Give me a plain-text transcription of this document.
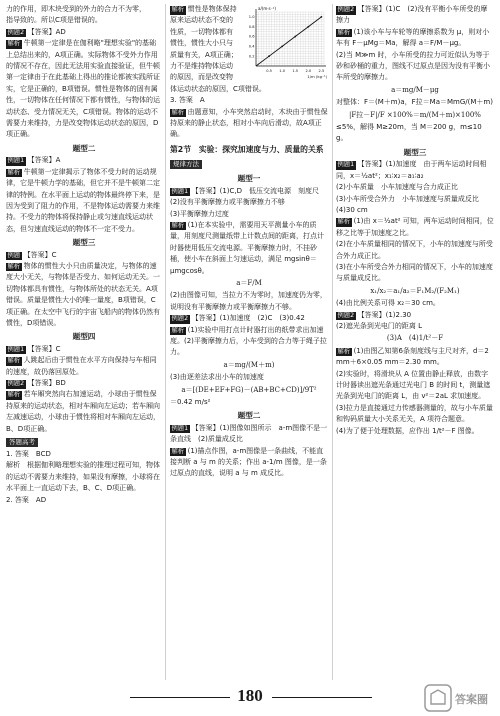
力的作用，即木块受到的外力的合力不为零，

指导致的。所以C项是错误的。

例题2 【答案】AD

解析 牛顿第一定律是在伽利略"理想实验"的基础上总结出来的，A项正确。实际物体不受外力作用的情况不存在，因此无法用实验直接验证，但牛顿第一定律由于在此基础上得出的推论都被实践所证实，它是正确的，B项错误。惯性是物体的固有属性，一切物体在任何情况下都有惯性，与物体的运动状态、受力情况无关，C项错误。物体的运动不需要力来维持，力是改变物体运动状态的原因，D项正确。

题型二

例题1 【答案】A

解析 牛顿第一定律揭示了物体不受力时的运动规律，它是牛顿力学的基础，但它并不是牛顿第二定律的特例。在水平面上运动的物体最终停下来，是因为受到了阻力的作用，不是物体运动需要力来维持。不受力的物体将保持静止或匀速直线运动状态，但匀速直线运动的物体不一定不受力。

题型三

例题 【答案】C

解析 物体的惯性大小只由质量决定，与物体的速度大小无关，与物体是否受力、如何运动无关。一切物体都具有惯性，与物体所处的状态无关。A项错误。质量是惯性大小的唯一量度，B项错误，C项正确。在太空中飞行的宇宙飞船内的物体仍然有惯性，D项错误。

题型四

例题1 【答案】C

解析 人跳起后由于惯性在水平方向保持与车相同的速度，故仍落回原处。

例题2 【答案】BD

解析 若车厢突然向右加速运动，小球由于惯性保持原来的运动状态，相对车厢向左运动；若车厢向左减速运动，小球由于惯性将相对车厢向左运动，B、D项正确。

答题高考

1. 答案　BCD

解析　根据伽利略理想实验的推理过程可知，物体的运动不需要力来维持，如果没有摩擦，小球将在水平面上一直运动下去，B、C、D项正确。

2. 答案　AD

0.5 1.0 1.5 2.0 2.5
0.2
0.4
0.6
0.8
1.0
a/(m·s⁻²)
1/m (kg⁻¹)

解析 惯性是物体保持原来运动状态不变的性质，一切物体都有惯性，惯性大小只与质量有关，A项正确；力不是维持物体运动的原因，而是改变物体运动状态的原因，C项错误。

3. 答案　A

解析 由题意知，小车突然启动时，木块由于惯性保持原来的静止状态，相对小车向后滑动，故A项正确。

第2节　实验：探究加速度与力、质量的关系
规律方法
题型一

例题1 【答案】(1)C,D　低压交流电源　刻度尺

(2)没有平衡摩擦力或平衡摩擦力不够

(3)平衡摩擦力过度

解析 (1)在本实验中，需要用天平测量小车的质量，用刻度尺测量纸带上计数点间的距离，打点计时器使用低压交流电源。平衡摩擦力时，不挂砂桶，使小车在斜面上匀速运动，满足 mgsinθ＝μmgcosθ。

a＝F/M

(2)由图像可知，当拉力不为零时，加速度仍为零，说明没有平衡摩擦力或平衡摩擦力不够。

例题2 【答案】(1)加速度　(2)C　(3)0.42

解析 (1)实验中用打点计时器打出的纸带求出加速度。(2)平衡摩擦力后，小车受到的合力等于绳子拉力。

a＝mg/(M＋m)

(3)由逐差法求出小车的加速度

a＝[(DE+EF+FG)－(AB+BC+CD)]/9T²

＝0.42 m/s²

题型二

例题1 【答案】(1)图像如图所示　a-m图像不是一条直线　(2)质量成反比

解析 (1)描点作图，a-m图像是一条曲线，不能直接判断 a 与 m 的关系；作出 a-1/m 图像，是一条过原点的直线，说明 a 与 m 成反比。

例题2 【答案】(1)C　(2)没有平衡小车所受的摩擦力

解析 (1)该小车与车轮等的摩擦系数为 μ，则对小车有 F－μMg＝Ma，解得 a＝F/M－μg。

(2)当 M≫m 时，小车所受的拉力可近似认为等于砂和砂桶的重力，图线不过原点是因为没有平衡小车所受的摩擦力。

a＝mg/M－μg

对整体：F＝(M＋m)a，F拉＝Ma＝MmG/(M＋m)

|F拉－F|/F ×100%＝m/(M＋m)×100%

≤5%，解得 M≥20m，当 M＝200 g，m≤10 g。

题型三

例题1 【答案】(1)加速度　由于两车运动时间相同，x＝½at²；x₁∶x₂＝a₁∶a₂

(2)小车质量　小车加速度与合力成正比

(3)小车所受合外力　小车加速度与质量成反比

(4)30 cm

解析 (1)由 x＝½at² 可知，两车运动时间相同，位移之比等于加速度之比。

(2)在小车质量相同的情况下，小车的加速度与所受合外力成正比。

(3)在小车所受合外力相同的情况下，小车的加速度与质量成反比。

x₁/x₂＝a₁/a₂＝F₁M₂/(F₂M₁)

(4)由比例关系可得 x₂＝30 cm。

例题2 【答案】(1)2.30

(2)遮光条到光电门的距离 L

(3)A　(4)1/t²－F

解析 (1)由图乙知第6条刻度线与主尺对齐，d＝2 mm＋6×0.05 mm＝2.30 mm。

(2)实验时，将滑块从 A 位置由静止释放，由数字计时器读出遮光条通过光电门 B 的时间 t，测量遮光条到光电门的距离 L，由 v²＝2aL 求加速度。

(3)拉力是直接通过力传感器测量的，故与小车质量和钩码质量大小关系无关，A 项符合题意。

(4)为了便于处理数据，应作出 1/t²－F 图像。

180	答案圈
